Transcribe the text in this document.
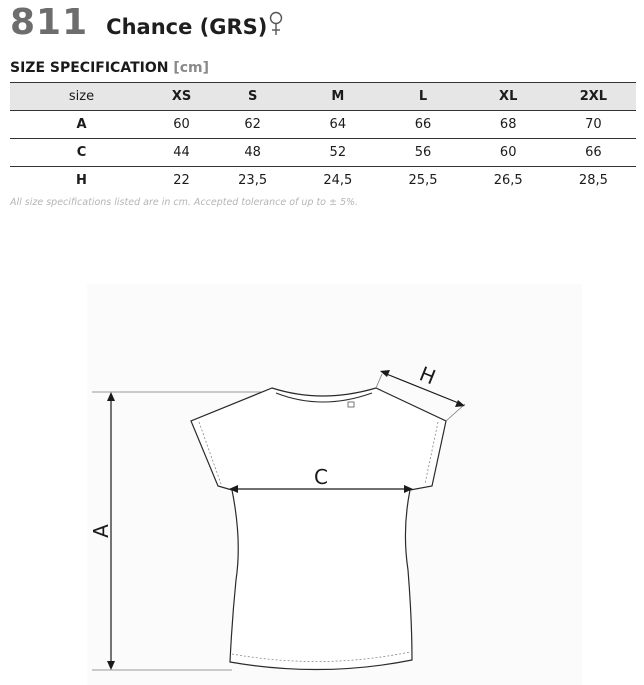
811 Chance (GRS)
SIZE SPECIFICATION [cm]
size	XS	S	M	L	XL	2XL
A	60	62	64	66	68	70
C	44	48	52	56	60	66
H	22	23,5	24,5	25,5	26,5	28,5
All size specifications listed are in cm. Accepted tolerance of up to ± 5%.
A
C
H
